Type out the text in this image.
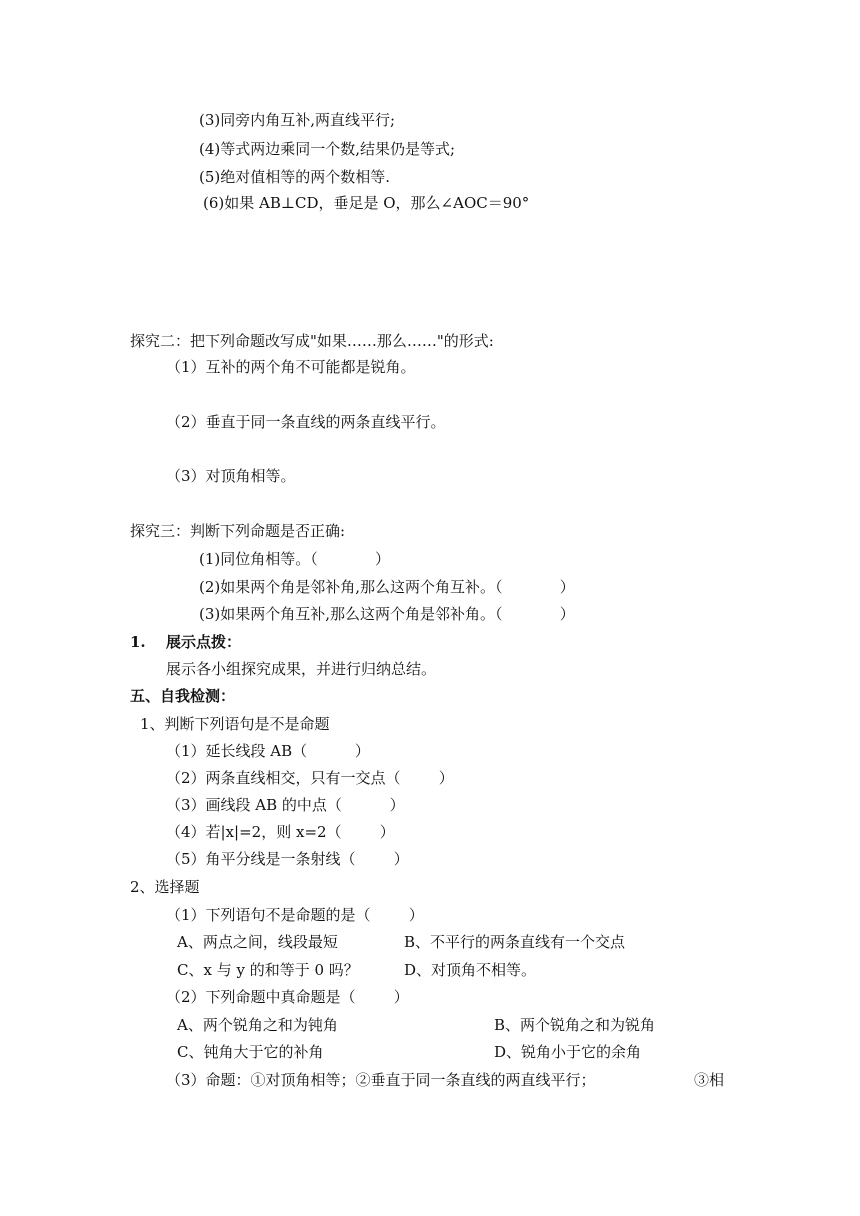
(3)同旁内角互补,两直线平行;
(4)等式两边乘同一个数,结果仍是等式;
(5)绝对值相等的两个数相等.
(6)如果 AB⊥CD，垂足是 O，那么∠AOC＝90°
探究二：把下列命题改写成"如果……那么……"的形式:
（1）互补的两个角不可能都是锐角。
（2）垂直于同一条直线的两条直线平行。
（3）对顶角相等。
探究三：判断下列命题是否正确:
(1)同位角相等。（            ）
(2)如果两个角是邻补角,那么这两个角互补。（            ）
(3)如果两个角互补,那么这两个角是邻补角。（            ）
1. 展示点拨：
展示各小组探究成果，并进行归纳总结。
五、自我检测：
1、判断下列语句是不是命题
（1）延长线段 AB（          ）
（2）两条直线相交，只有一交点（        ）
（3）画线段 AB 的中点（          ）
（4）若|x|=2，则 x=2（        ）
（5）角平分线是一条射线（        ）
2、选择题
（1）下列语句不是命题的是（        ）
A、两点之间，线段最短	B、不平行的两条直线有一个交点
C、x 与 y 的和等于 0 吗？	D、对顶角不相等。
（2）下列命题中真命题是（        ）
A、两个锐角之和为钝角	B、两个锐角之和为锐角
C、钝角大于它的补角	D、锐角小于它的余角
（3）命题：①对顶角相等；②垂直于同一条直线的两直线平行；	③相
